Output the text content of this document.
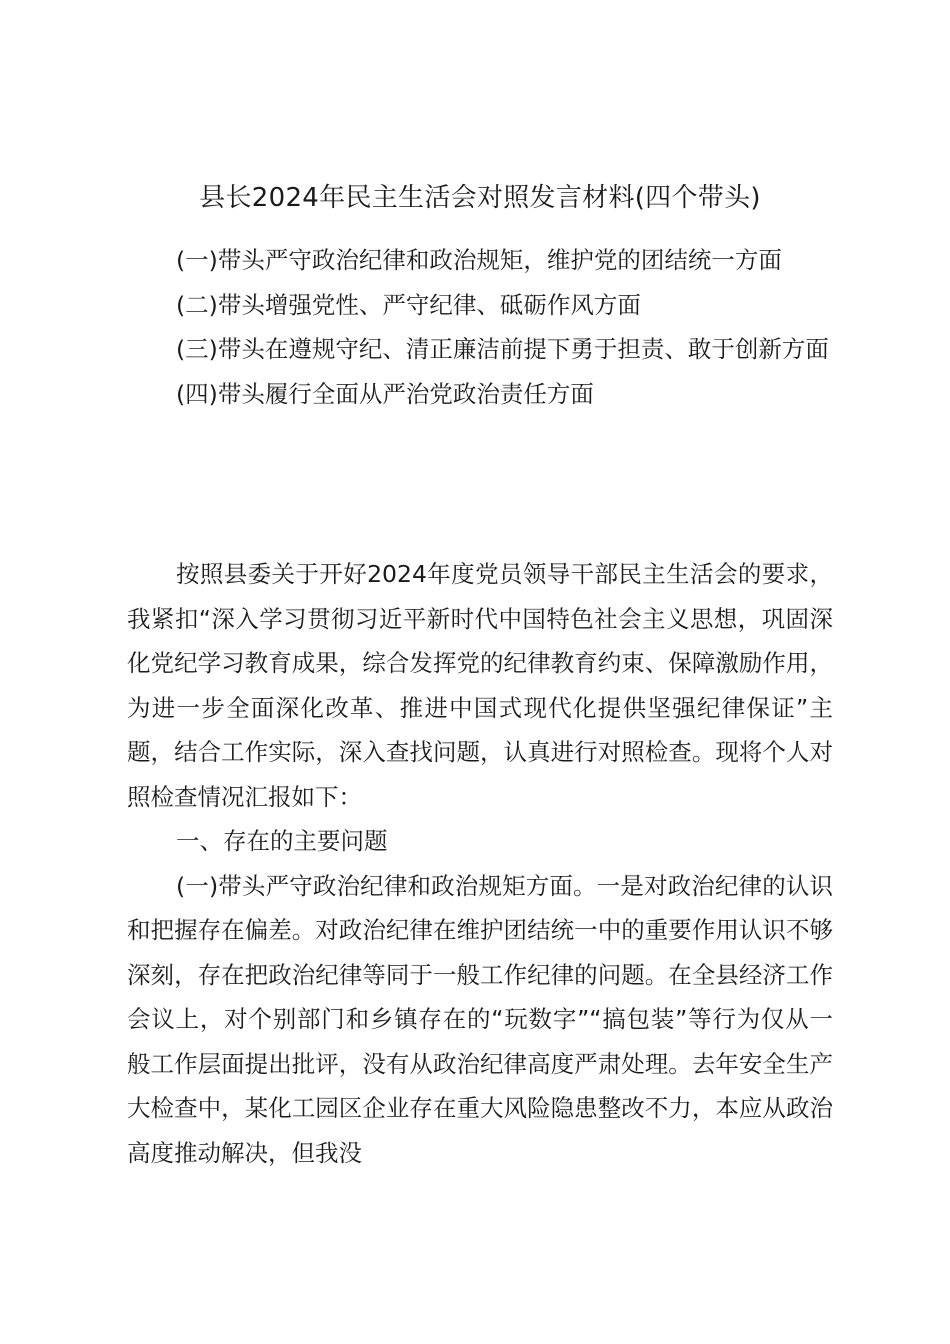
县长2024年民主生活会对照发言材料(四个带头)

(一)带头严守政治纪律和政治规矩，维护党的团结统一方面

(二)带头增强党性、严守纪律、砥砺作风方面

(三)带头在遵规守纪、清正廉洁前提下勇于担责、敢于创新方面

(四)带头履行全面从严治党政治责任方面

按照县委关于开好2024年度党员领导干部民主生活会的要求，我紧扣“深入学习贯彻习近平新时代中国特色社会主义思想，巩固深化党纪学习教育成果，综合发挥党的纪律教育约束、保障激励作用，为进一步全面深化改革、推进中国式现代化提供坚强纪律保证”主题，结合工作实际，深入查找问题，认真进行对照检查。现将个人对照检查情况汇报如下：

一、存在的主要问题

(一)带头严守政治纪律和政治规矩方面。一是对政治纪律的认识和把握存在偏差。对政治纪律在维护团结统一中的重要作用认识不够深刻，存在把政治纪律等同于一般工作纪律的问题。在全县经济工作会议上，对个别部门和乡镇存在的“玩数字”“搞包装”等行为仅从一般工作层面提出批评，没有从政治纪律高度严肃处理。去年安全生产大检查中，某化工园区企业存在重大风险隐患整改不力，本应从政治高度推动解决，但我没
